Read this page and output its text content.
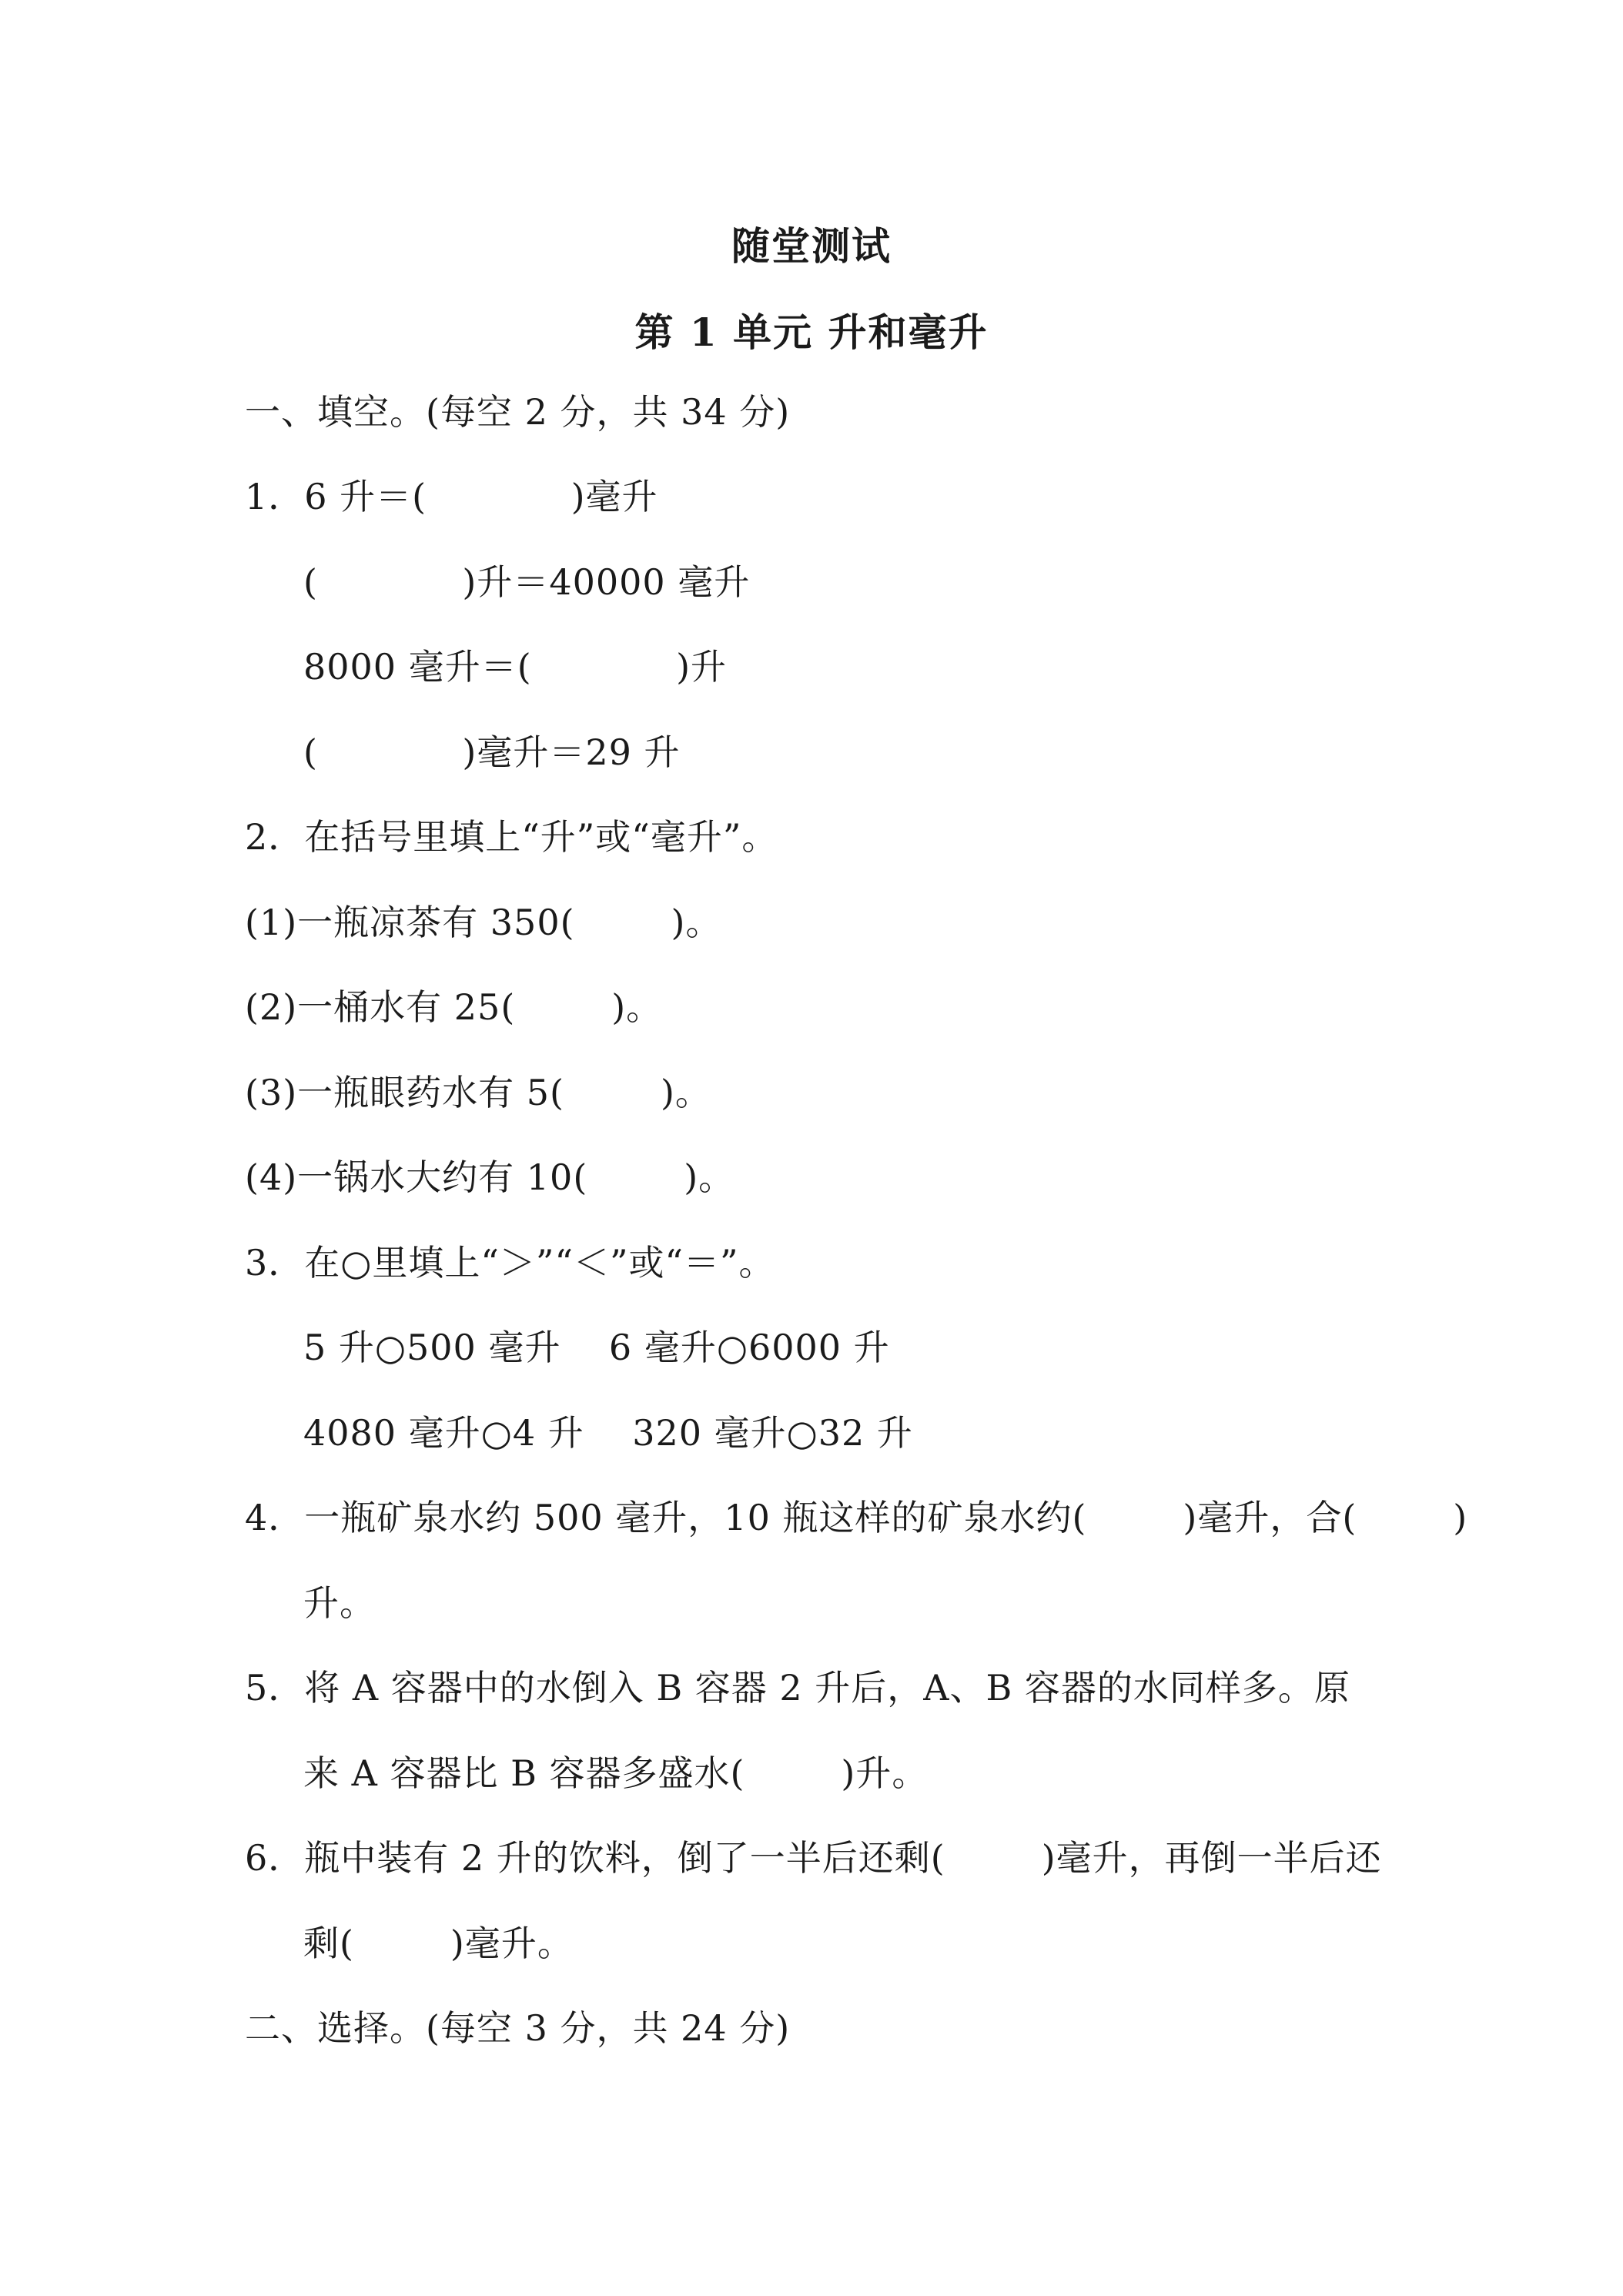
随堂测试
第 1 单元 升和毫升
一、填空。(每空 2 分，共 34 分)
1．6 升＝(            )毫升
(            )升＝40000 毫升
8000 毫升＝(            )升
(            )毫升＝29 升
2．在括号里填上“升”或“毫升”。
(1)一瓶凉茶有 350(        )。
(2)一桶水有 25(        )。
(3)一瓶眼药水有 5(        )。
(4)一锅水大约有 10(        )。
3．在○里填上“＞”“＜”或“＝”。
5 升○500 毫升    6 毫升○6000 升
4080 毫升○4 升    320 毫升○32 升
4．一瓶矿泉水约 500 毫升，10 瓶这样的矿泉水约(        )毫升，合(        )
升。
5．将 A 容器中的水倒入 B 容器 2 升后，A、B 容器的水同样多。原
来 A 容器比 B 容器多盛水(        )升。
6．瓶中装有 2 升的饮料，倒了一半后还剩(        )毫升，再倒一半后还
剩(        )毫升。
二、选择。(每空 3 分，共 24 分)
